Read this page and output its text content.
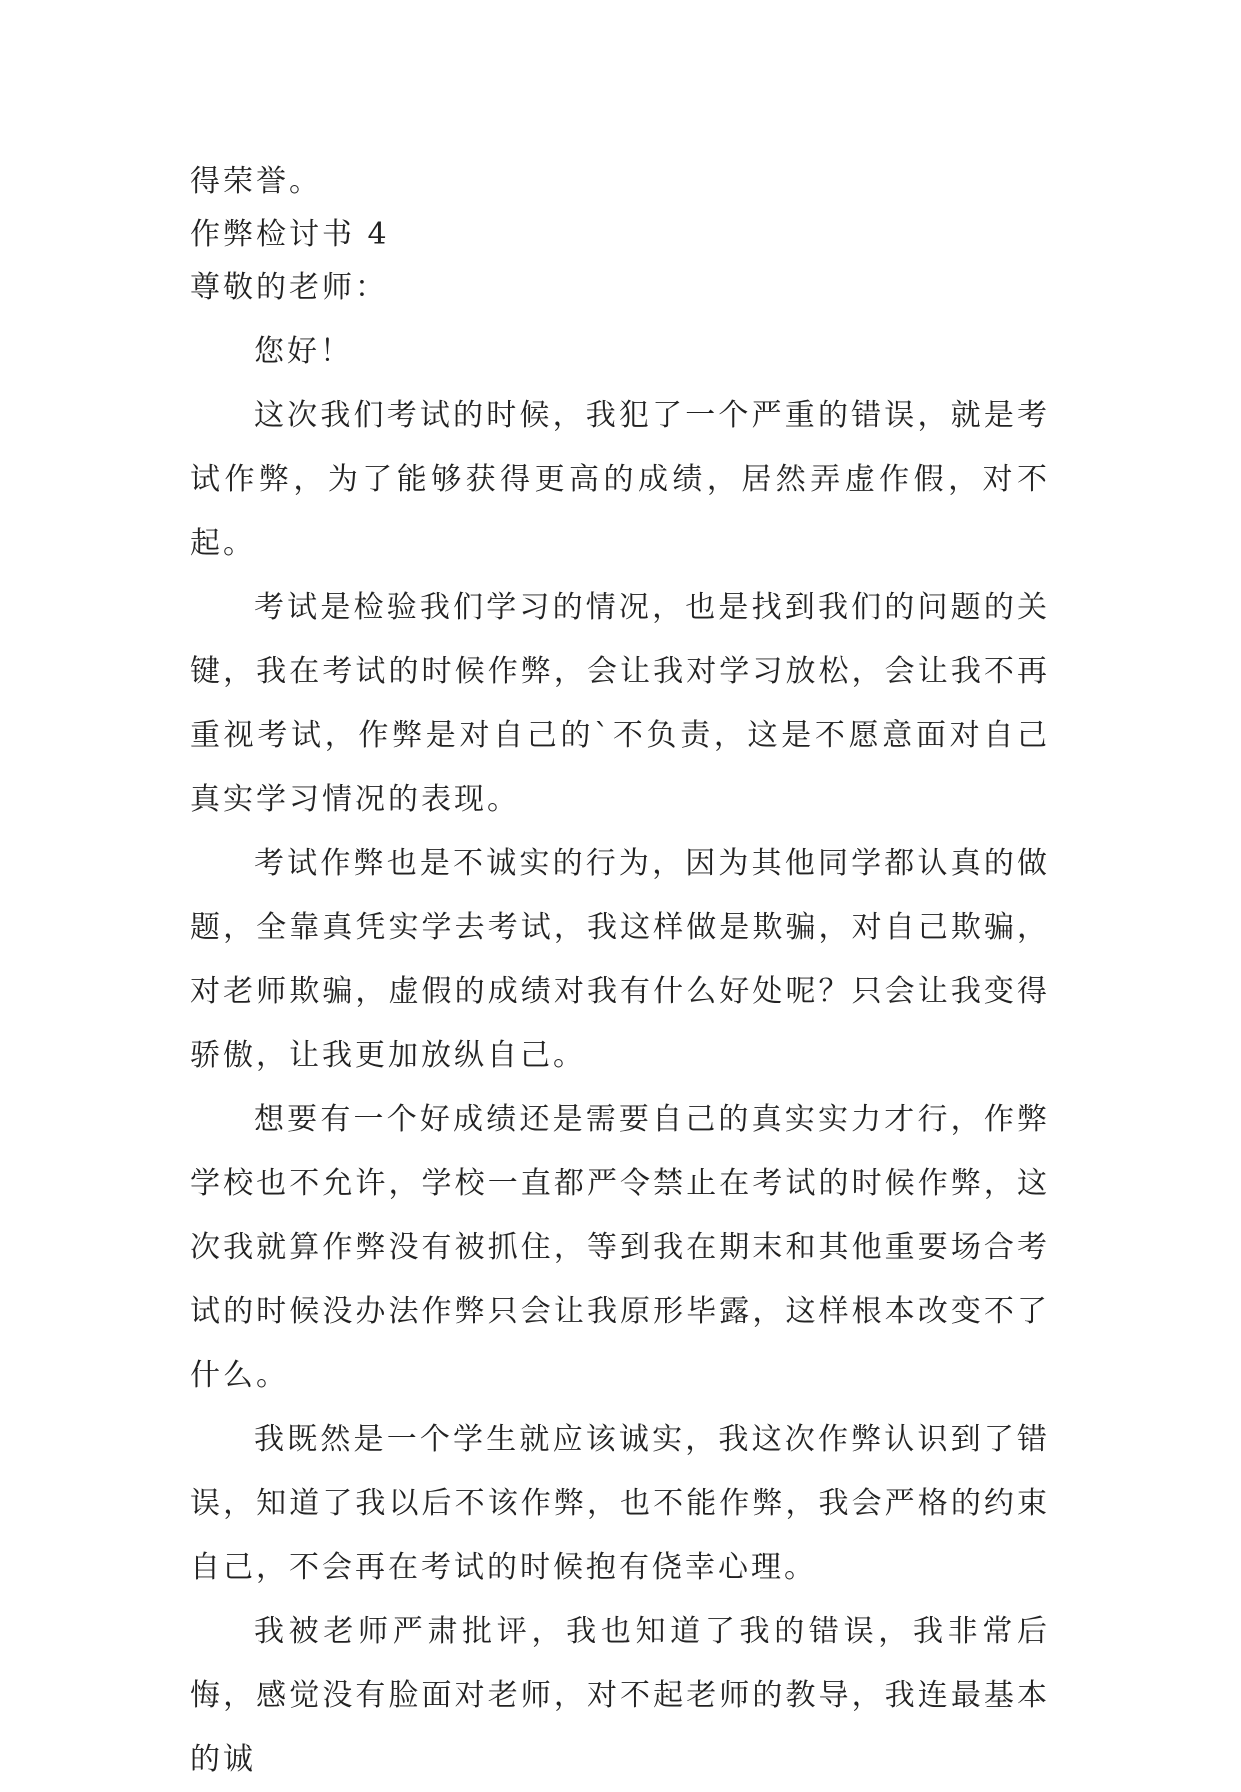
得荣誉。
作弊检讨书 4
尊敬的老师：

您好！

这次我们考试的时候，我犯了一个严重的错误，就是考试作弊，为了能够获得更高的成绩，居然弄虚作假，对不起。

考试是检验我们学习的情况，也是找到我们的问题的关键，我在考试的时候作弊，会让我对学习放松，会让我不再重视考试，作弊是对自己的`不负责，这是不愿意面对自己真实学习情况的表现。

考试作弊也是不诚实的行为，因为其他同学都认真的做题，全靠真凭实学去考试，我这样做是欺骗，对自己欺骗，对老师欺骗，虚假的成绩对我有什么好处呢？只会让我变得骄傲，让我更加放纵自己。

想要有一个好成绩还是需要自己的真实实力才行，作弊学校也不允许，学校一直都严令禁止在考试的时候作弊，这次我就算作弊没有被抓住，等到我在期末和其他重要场合考试的时候没办法作弊只会让我原形毕露，这样根本改变不了什么。

我既然是一个学生就应该诚实，我这次作弊认识到了错误，知道了我以后不该作弊，也不能作弊，我会严格的约束自己，不会再在考试的时候抱有侥幸心理。

我被老师严肃批评，我也知道了我的错误，我非常后悔，感觉没有脸面对老师，对不起老师的教导，我连最基本的诚
